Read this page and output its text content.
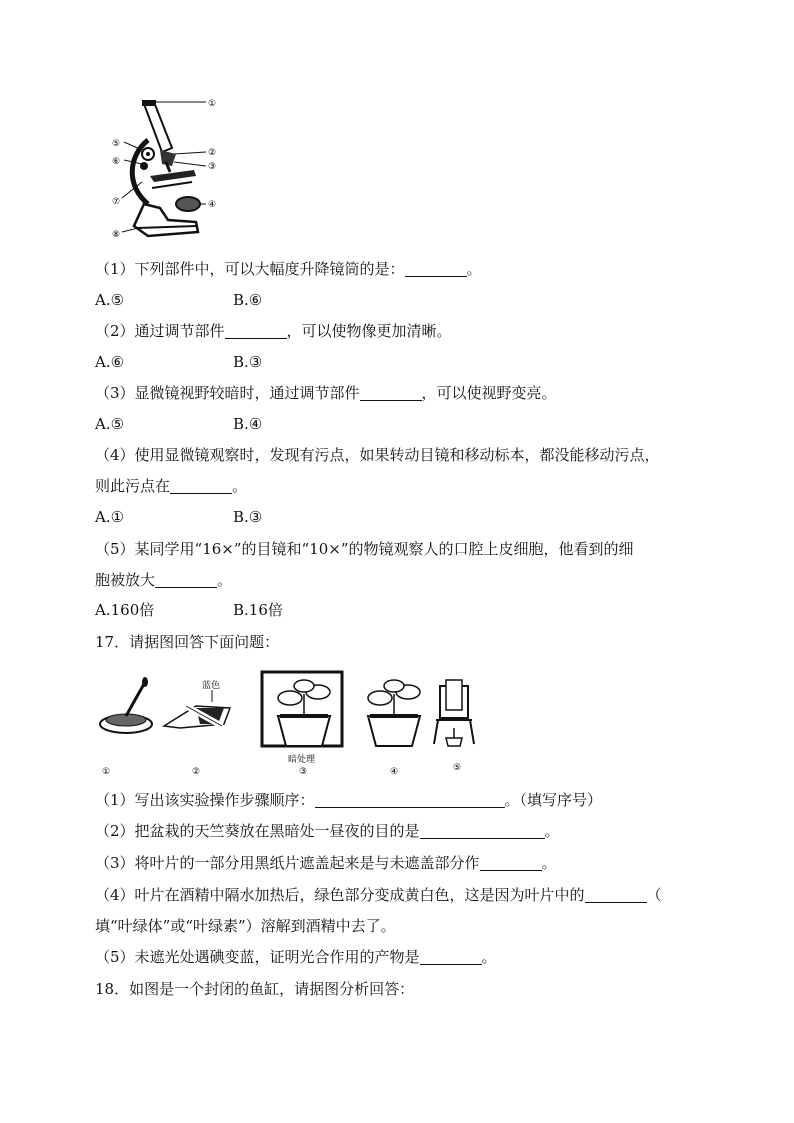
①
②
③
④
⑤
⑥
⑦
⑧
（1）下列部件中，可以大幅度升降镜筒的是：	。
A.⑤	B.⑥
（2）通过调节部件	，可以使物像更加清晰。
A.⑥	B.③
（3）显微镜视野较暗时，通过调节部件	，可以使视野变亮。
A.⑤	B.④
（4）使用显微镜观察时，发现有污点，如果转动目镜和移动标本，都没能移动污点，
则此污点在	。
A.①	B.③
（5）某同学用“16×”的目镜和“10×”的物镜观察人的口腔上皮细胞，他看到的细
胞被放大	。
A.160倍	B.16倍
17．请据图回答下面问题：
蓝色
暗处理
①	②	③	④	⑤
（1）写出该实验操作步骤顺序：	。（填写序号）
（2）把盆栽的天竺葵放在黑暗处一昼夜的目的是	。
（3）将叶片的一部分用黑纸片遮盖起来是与未遮盖部分作	。
（4）叶片在酒精中隔水加热后，绿色部分变成黄白色，这是因为叶片中的	（
填“叶绿体”或“叶绿素”）溶解到酒精中去了。
（5）未遮光处遇碘变蓝，证明光合作用的产物是	。
18．如图是一个封闭的鱼缸，请据图分析回答：
